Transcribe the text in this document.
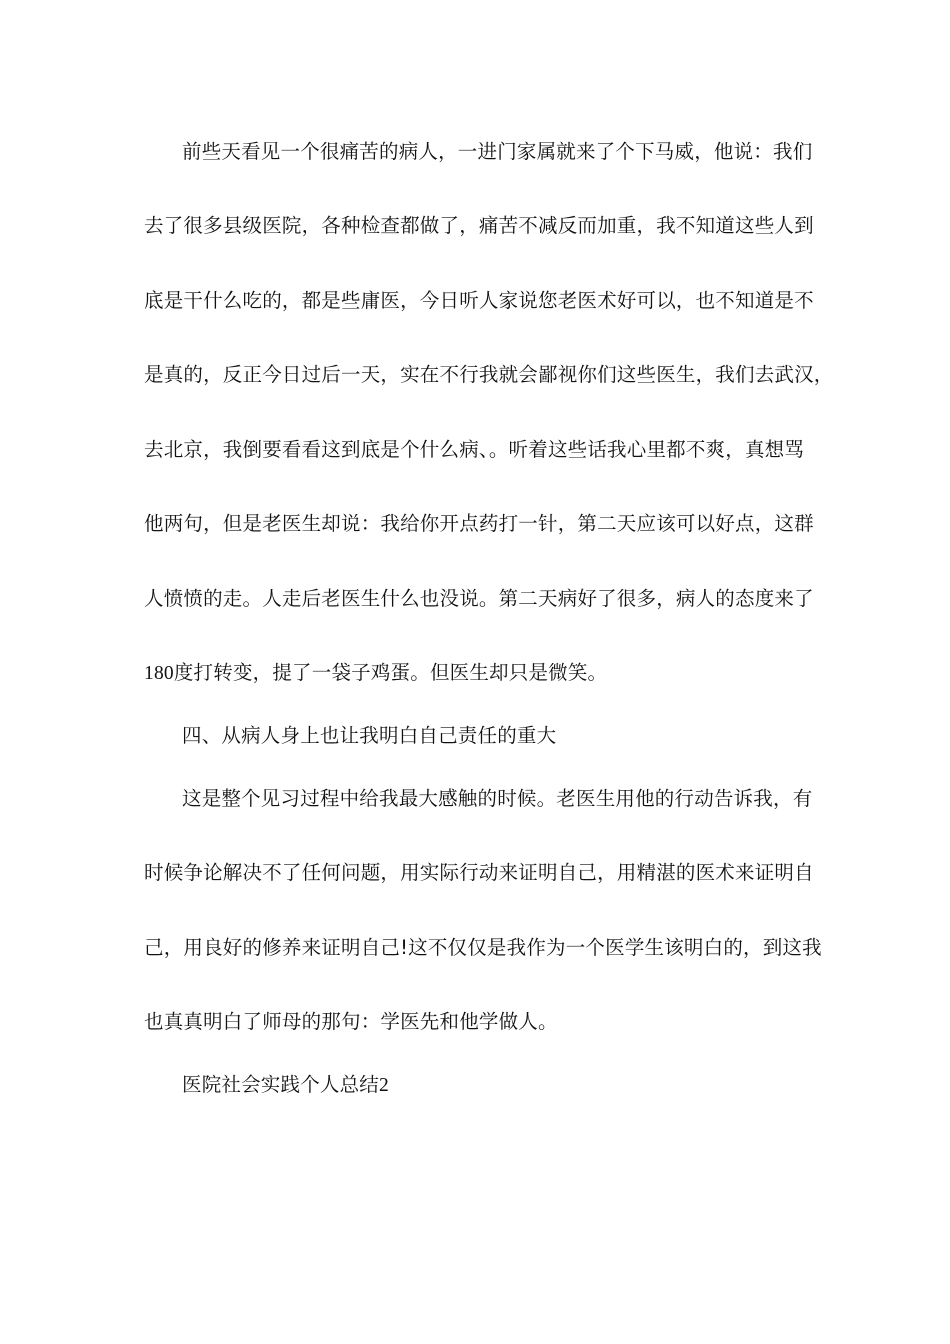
前些天看见一个很痛苦的病人，一进门家属就来了个下马威，他说：我们
去了很多县级医院，各种检查都做了，痛苦不减反而加重，我不知道这些人到
底是干什么吃的，都是些庸医，今日听人家说您老医术好可以，也不知道是不
是真的，反正今日过后一天，实在不行我就会鄙视你们这些医生，我们去武汉，
去北京，我倒要看看这到底是个什么病、。听着这些话我心里都不爽，真想骂
他两句，但是老医生却说：我给你开点药打一针，第二天应该可以好点，这群
人愤愤的走。人走后老医生什么也没说。第二天病好了很多，病人的态度来了
180度打转变，提了一袋子鸡蛋。但医生却只是微笑。
四、从病人身上也让我明白自己责任的重大
这是整个见习过程中给我最大感触的时候。老医生用他的行动告诉我，有
时候争论解决不了任何问题，用实际行动来证明自己，用精湛的医术来证明自
己，用良好的修养来证明自己!这不仅仅是我作为一个医学生该明白的，到这我
也真真明白了师母的那句：学医先和他学做人。
医院社会实践个人总结2
